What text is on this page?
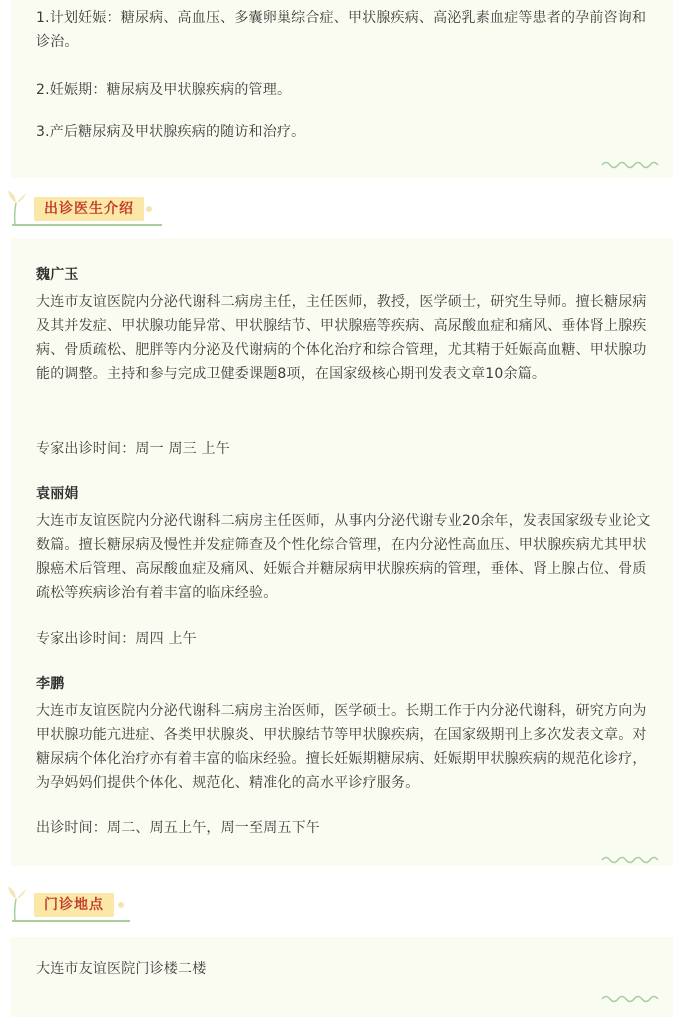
1.计划妊娠：糖尿病、高血压、多囊卵巢综合症、甲状腺疾病、高泌乳素血症等患者的孕前咨询和诊治。

2.妊娠期：糖尿病及甲状腺疾病的管理。

3.产后糖尿病及甲状腺疾病的随访和治疗。

出诊医生介绍

魏广玉

大连市友谊医院内分泌代谢科二病房主任，主任医师，教授，医学硕士，研究生导师。擅长糖尿病及其并发症、甲状腺功能异常、甲状腺结节、甲状腺癌等疾病、高尿酸血症和痛风、垂体肾上腺疾病、骨质疏松、肥胖等内分泌及代谢病的个体化治疗和综合管理，尤其精于妊娠高血糖、甲状腺功能的调整。主持和参与完成卫健委课题8项，在国家级核心期刊发表文章10余篇。

专家出诊时间：周一 周三 上午

袁丽娟

大连市友谊医院内分泌代谢科二病房主任医师，从事内分泌代谢专业20余年，发表国家级专业论文数篇。擅长糖尿病及慢性并发症筛查及个性化综合管理，在内分泌性高血压、甲状腺疾病尤其甲状腺癌术后管理、高尿酸血症及痛风、妊娠合并糖尿病甲状腺疾病的管理，垂体、肾上腺占位、骨质疏松等疾病诊治有着丰富的临床经验。

专家出诊时间：周四 上午

李鹏

大连市友谊医院内分泌代谢科二病房主治医师，医学硕士。长期工作于内分泌代谢科，研究方向为甲状腺功能亢进症、各类甲状腺炎、甲状腺结节等甲状腺疾病，在国家级期刊上多次发表文章。对糖尿病个体化治疗亦有着丰富的临床经验。擅长妊娠期糖尿病、妊娠期甲状腺疾病的规范化诊疗，为孕妈妈们提供个体化、规范化、精准化的高水平诊疗服务。

出诊时间：周二、周五上午，周一至周五下午

门诊地点

大连市友谊医院门诊楼二楼
